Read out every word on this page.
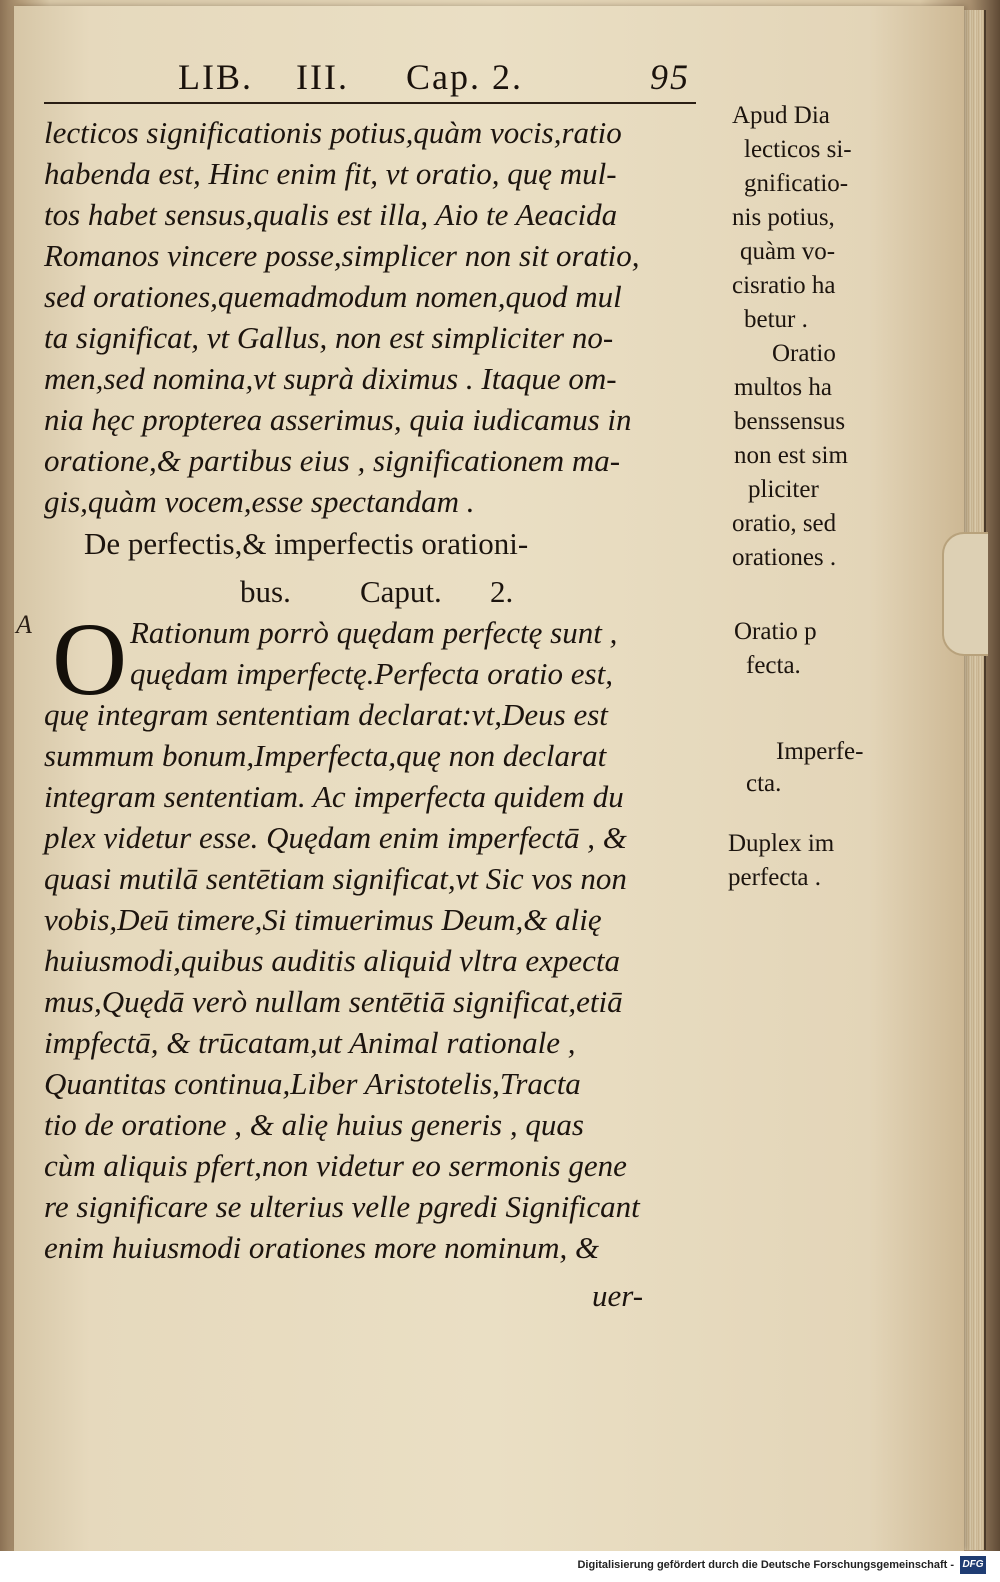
LIB. III. Cap. 2.	95
lecticos significationis potius,quàm vocis,ratio
habenda est, Hinc enim fit, vt oratio, quę mul-
tos habet sensus,qualis est illa, Aio te Aeacida
Romanos vincere posse,simplicer non sit oratio,
sed orationes,quemadmodum nomen,quod mul
ta significat, vt Gallus, non est simpliciter no-
men,sed nomina,vt suprà diximus . Itaque om-
nia hęc propterea asserimus, quia iudicamus in
oratione,& partibus eius , significationem ma-
gis,quàm vocem,esse spectandam .
De perfectis,& imperfectis orationi-
bus. Caput. 2.
A O Rationum porrò quędam perfectę sunt ,
quędam imperfectę.Perfecta oratio est,
quę integram sententiam declarat:vt,Deus est
summum bonum,Imperfecta,quę non declarat
integram sententiam. Ac imperfecta quidem du
plex videtur esse. Quędam enim imperfectā , &
quasi mutilā sentētiam significat,vt Sic vos non
vobis,Deū timere,Si timuerimus Deum,& alię
huiusmodi,quibus auditis aliquid vltra expecta
mus,Quędā verò nullam sentētiā significat,etiā
impfectā, & trūcatam,ut Animal rationale ,
Quantitas continua,Liber Aristotelis,Tracta
tio de oratione , & alię huius generis , quas
cùm aliquis pfert,non videtur eo sermonis gene
re significare se ulterius velle pgredi Significant
enim huiusmodi orationes more nominum, &
uer-
Apud Dia
lecticos si-
gnificatio-
nis potius,
quàm vo-
cisratio ha
betur .
Oratio
multos ha
benssensus
non est sim
pliciter
oratio, sed
orationes .
Oratio p
fecta.
Imperfe-
cta.
Duplex im
perfecta .
Digitalisierung gefördert durch die Deutsche Forschungsgemeinschaft - DFG
